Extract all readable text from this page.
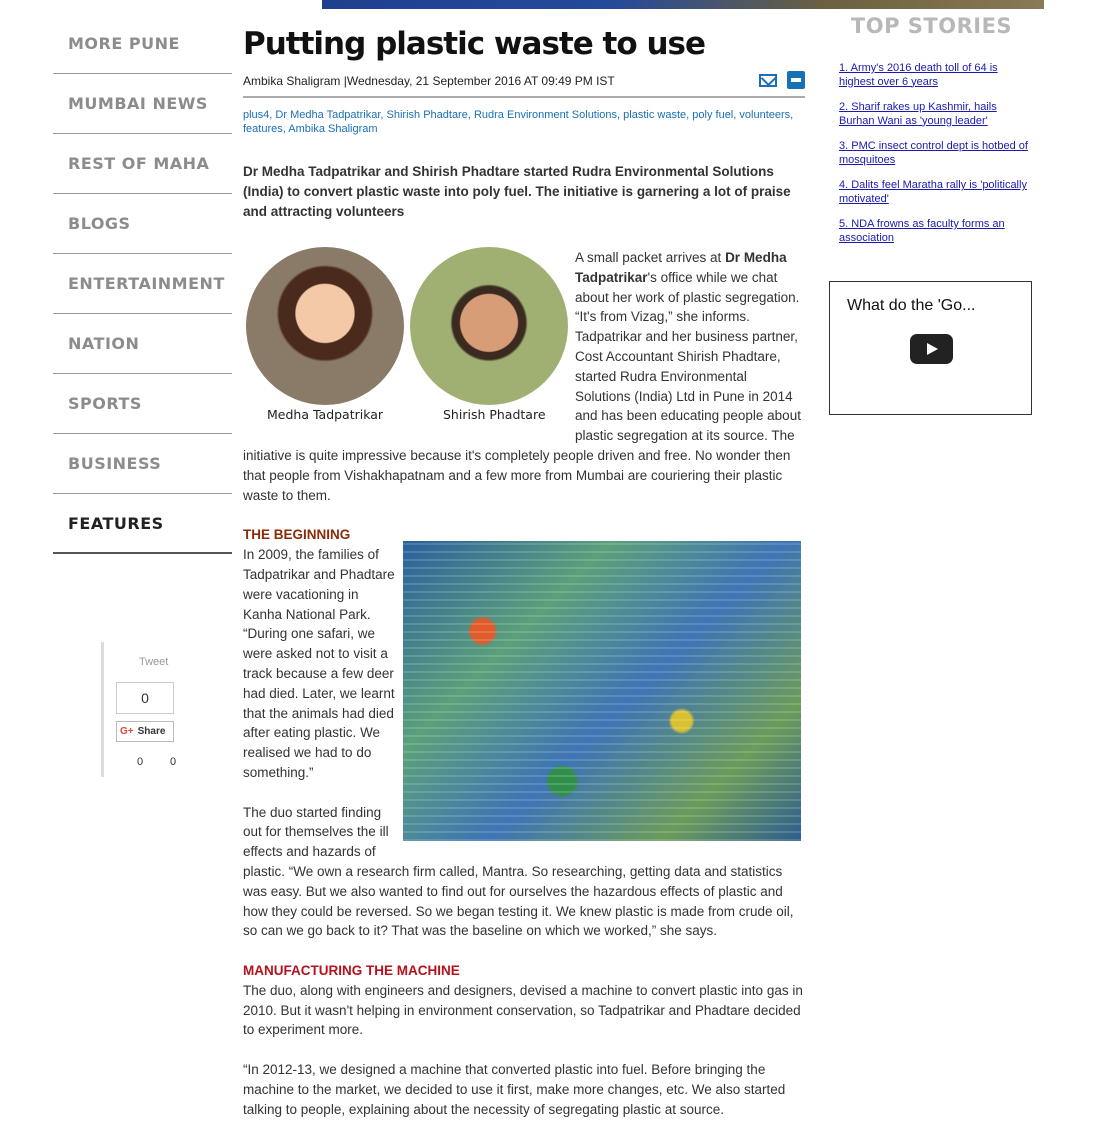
MORE PUNE
MUMBAI NEWS
REST OF MAHA
BLOGS
ENTERTAINMENT
NATION
SPORTS
BUSINESS
FEATURES
Tweet
0
G+ Share
0 0
Putting plastic waste to use
Ambika Shaligram |Wednesday, 21 September 2016 AT 09:49 PM IST
plus4, Dr Medha Tadpatrikar, Shirish Phadtare, Rudra Environment Solutions, plastic waste, poly fuel, volunteers, features, Ambika Shaligram
Dr Medha Tadpatrikar and Shirish Phadtare started Rudra Environmental Solutions (India) to convert plastic waste into poly fuel. The initiative is garnering a lot of praise and attracting volunteers
Medha Tadpatrikar	Shirish Phadtare

A small packet arrives at Dr Medha Tadpatrikar's office while we chat about her work of plastic segregation. “It's from Vizag,” she informs. Tadpatrikar and her business partner, Cost Accountant Shirish Phadtare, started Rudra Environmental Solutions (India) Ltd in Pune in 2014 and has been educating people about plastic segregation at its source. The initiative is quite impressive because it's completely people driven and free. No wonder then that people from Vishakhapatnam and a few more from Mumbai are couriering their plastic waste to them.

THE BEGINNING

In 2009, the families of Tadpatrikar and Phadtare were vacationing in Kanha National Park. “During one safari, we were asked not to visit a track because a few deer had died. Later, we learnt that the animals had died after eating plastic. We realised we had to do something.”

The duo started finding out for themselves the ill effects and hazards of plastic. “We own a research firm called, Mantra. So researching, getting data and statistics was easy. But we also wanted to find out for ourselves the hazardous effects of plastic and how they could be reversed. So we began testing it. We knew plastic is made from crude oil, so can we go back to it? That was the baseline on which we worked,” she says.

MANUFACTURING THE MACHINE

The duo, along with engineers and designers, devised a machine to convert plastic into gas in 2010. But it wasn't helping in environment conservation, so Tadpatrikar and Phadtare decided to experiment more.

“In 2012-13, we designed a machine that converted plastic into fuel. Before bringing the machine to the market, we decided to use it first, make more changes, etc. We also started talking to people, explaining about the necessity of segregating plastic at source.

TOP STORIES
1. Army's 2016 death toll of 64 is highest over 6 years
2. Sharif rakes up Kashmir, hails Burhan Wani as 'young leader'
3. PMC insect control dept is hotbed of mosquitoes
4. Dalits feel Maratha rally is 'politically motivated'
5. NDA frowns as faculty forms an association
What do the 'Go...
